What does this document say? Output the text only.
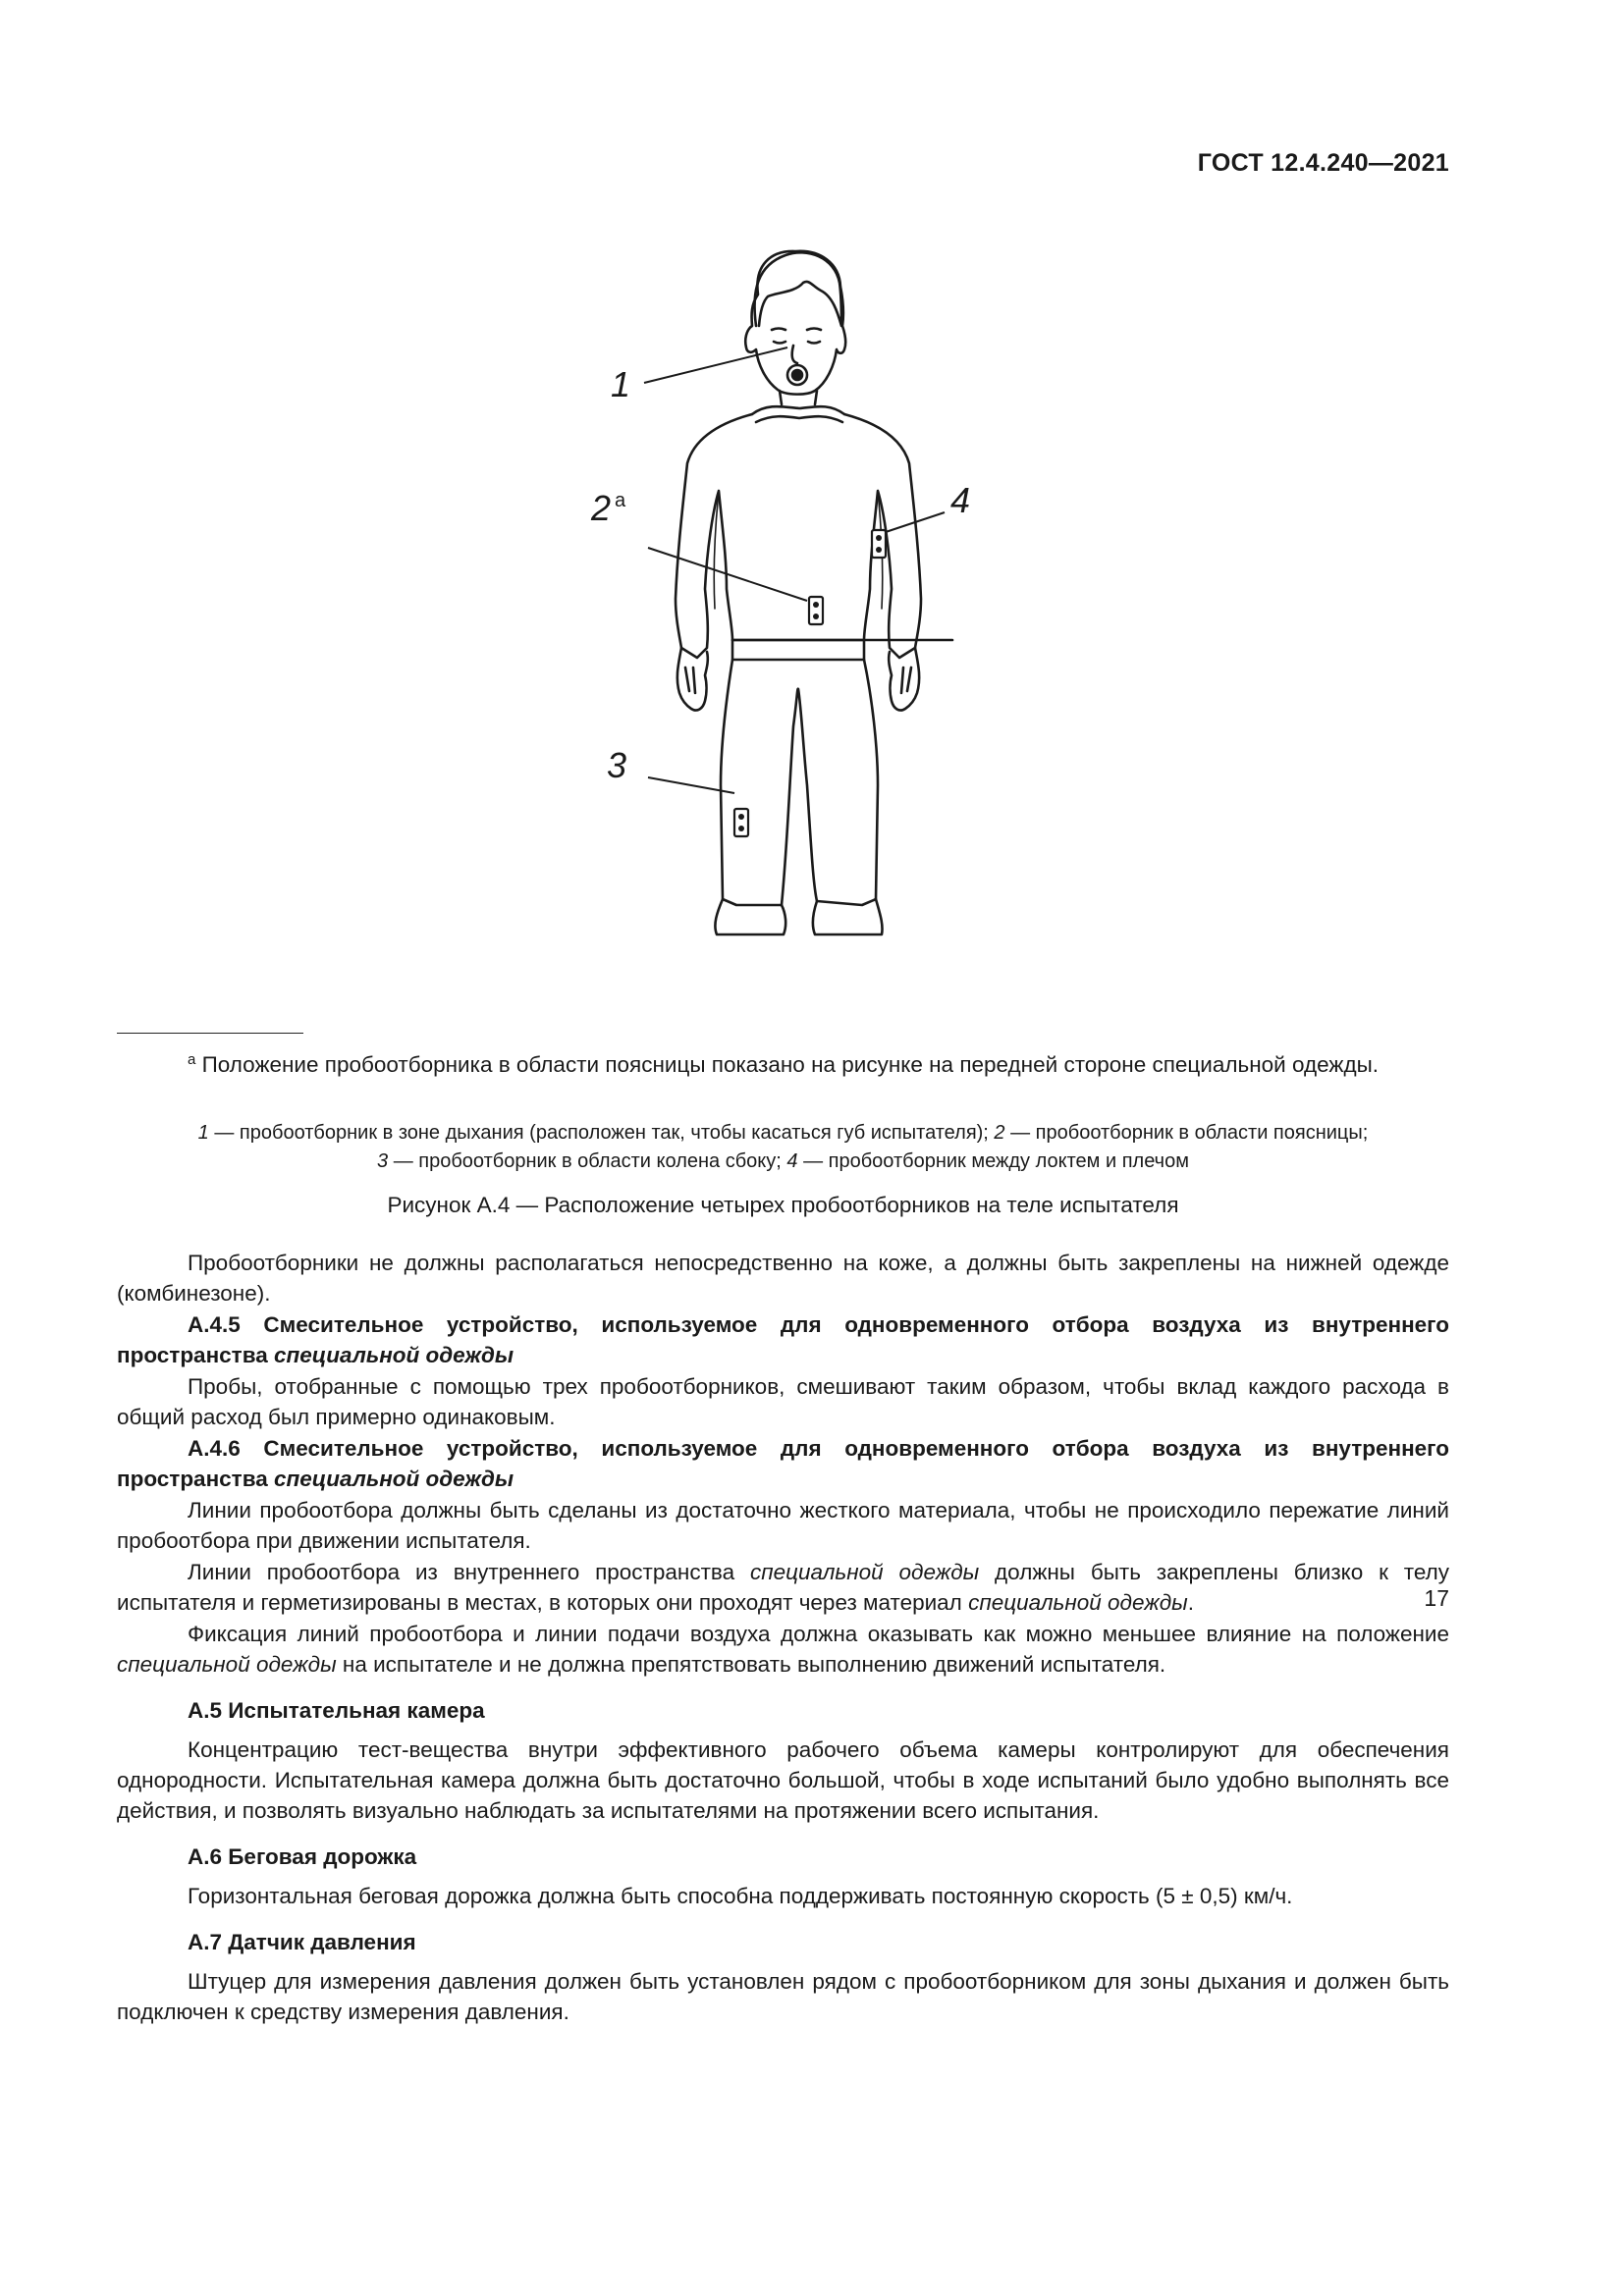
ГОСТ 12.4.240—2021
1
2 а
3
4
$^а$ Положение пробоотборника в области поясницы показано на рисунке на передней стороне специальной одежды.

1 — пробоотборник в зоне дыхания (расположен так, чтобы касаться губ испытателя); 2 — пробоотборник в области поясницы;

3 — пробоотборник в области колена сбоку; 4 — пробоотборник между локтем и плечом

Рисунок А.4 — Расположение четырех пробоотборников на теле испытателя

Пробоотборники не должны располагаться непосредственно на коже, а должны быть закреплены на нижней одежде (комбинезоне).

А.4.5 Смесительное устройство, используемое для одновременного отбора воздуха из внутреннего пространства специальной одежды

Пробы, отобранные с помощью трех пробоотборников, смешивают таким образом, чтобы вклад каждого расхода в общий расход был примерно одинаковым.

А.4.6 Смесительное устройство, используемое для одновременного отбора воздуха из внутреннего пространства специальной одежды

Линии пробоотбора должны быть сделаны из достаточно жесткого материала, чтобы не происходило пережатие линий пробоотбора при движении испытателя.

Линии пробоотбора из внутреннего пространства специальной одежды должны быть закреплены близко к телу испытателя и герметизированы в местах, в которых они проходят через материал специальной одежды.

Фиксация линий пробоотбора и линии подачи воздуха должна оказывать как можно меньшее влияние на положение специальной одежды на испытателе и не должна препятствовать выполнению движений испытателя.

А.5 Испытательная камера

Концентрацию тест-вещества внутри эффективного рабочего объема камеры контролируют для обеспечения однородности. Испытательная камера должна быть достаточно большой, чтобы в ходе испытаний было удобно выполнять все действия, и позволять визуально наблюдать за испытателями на протяжении всего испытания.

А.6 Беговая дорожка

Горизонтальная беговая дорожка должна быть способна поддерживать постоянную скорость (5 ± 0,5) км/ч.

А.7 Датчик давления

Штуцер для измерения давления должен быть установлен рядом с пробоотборником для зоны дыхания и должен быть подключен к средству измерения давления.

17
